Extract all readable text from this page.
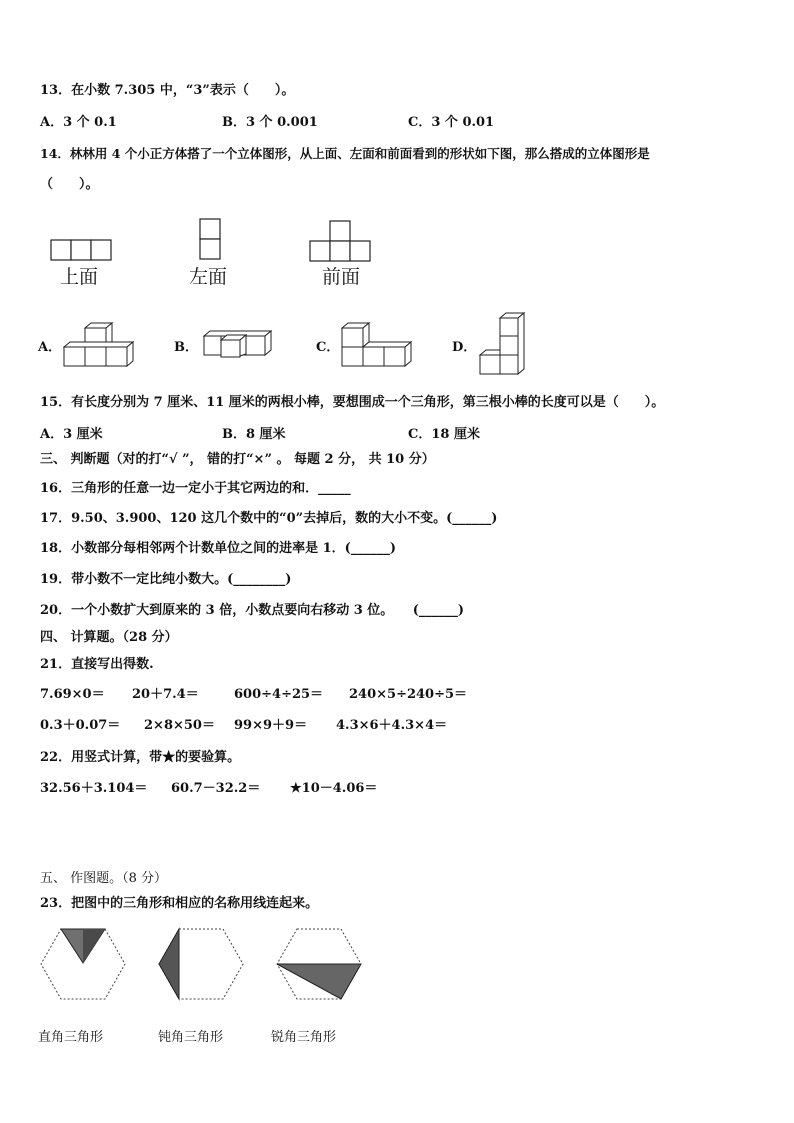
13．在小数 7.305 中，“3”表示（　　）。
A．3 个 0.1	B．3 个 0.001	C．3 个 0.01
14．林林用 4 个小正方体搭了一个立体图形，从上面、左面和前面看到的形状如下图，那么搭成的立体图形是
（　　）。
上面	左面	前面
A．	B．	C．	D．
15．有长度分别为 7 厘米、11 厘米的两根小棒，要想围成一个三角形，第三根小棒的长度可以是（　　）。
A．3 厘米	B．8 厘米	C．18 厘米
三、 判断题（对的打“√ ”， 错的打“×” 。 每题 2 分， 共 10 分）
16．三角形的任意一边一定小于其它两边的和．_____
17．9.50、3.900、120 这几个数中的“0”去掉后，数的大小不变。(______)
18．小数部分每相邻两个计数单位之间的进率是 1．(______)
19．带小数不一定比纯小数大。(________)
20．一个小数扩大到原来的 3 倍，小数点要向右移动 3 位。　　(______)
四、 计算题。（28 分）
21．直接写出得数.
7.69×0＝ 20＋7.4＝	600÷4÷25＝ 240×5÷240÷5＝
0.3＋0.07＝ 2×8×50＝ 99×9＋9＝ 4.3×6＋4.3×4＝
22．用竖式计算，带★的要验算。
32.56＋3.104＝ 60.7－32.2＝ ★10－4.06＝
五、 作图题。（8 分）
23．把图中的三角形和相应的名称用线连起来。
直角三角形	钝角三角形	锐角三角形
